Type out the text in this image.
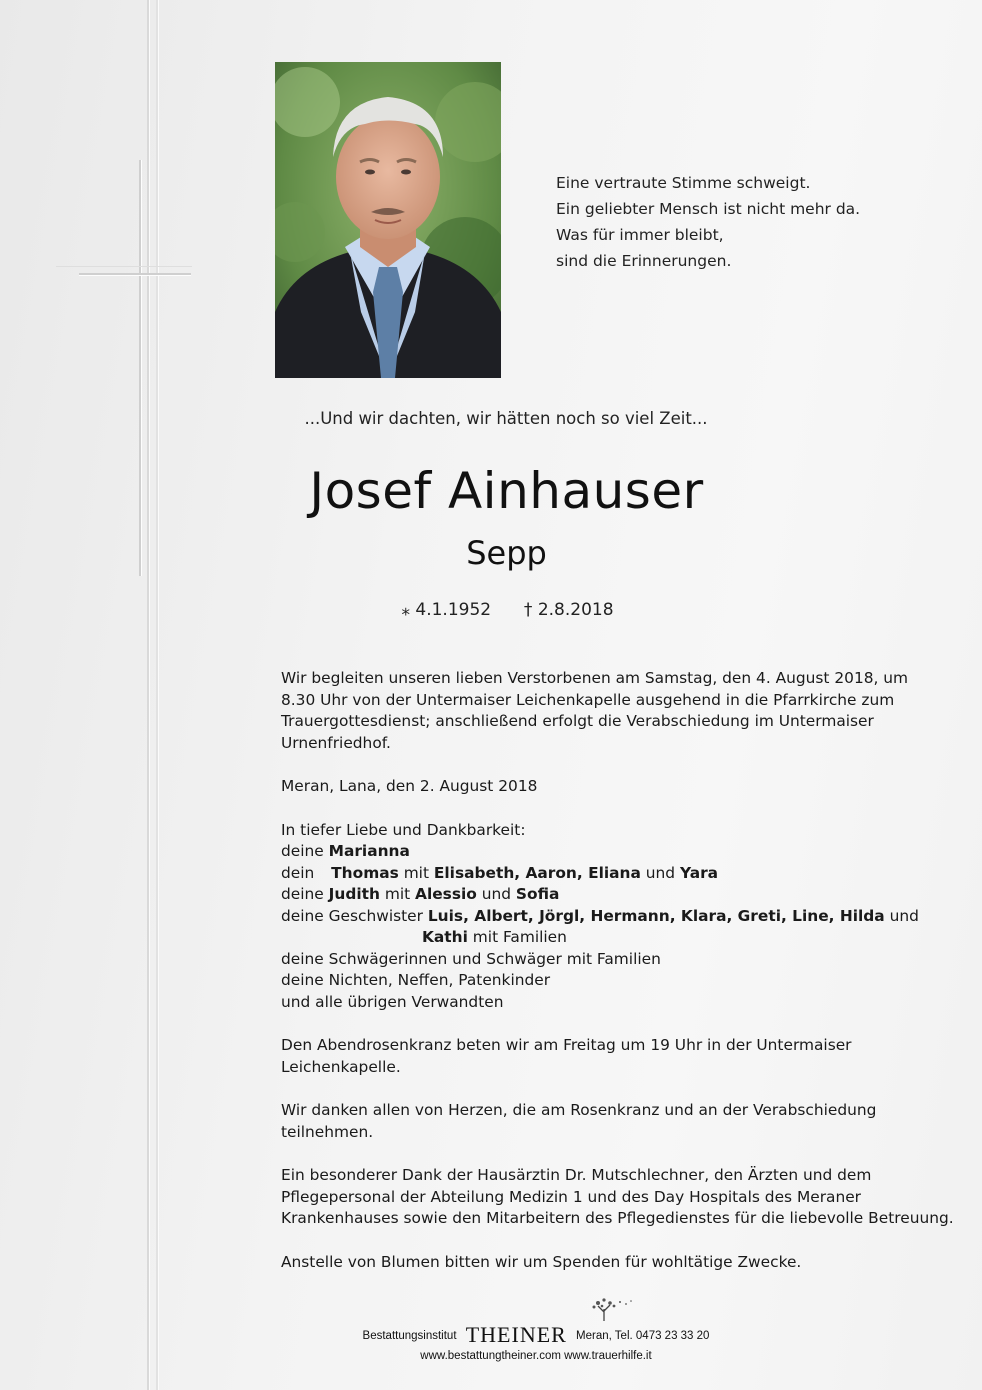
Eine vertraute Stimme schweigt.
Ein geliebter Mensch ist nicht mehr da.
Was für immer bleibt,
sind die Erinnerungen.
...Und wir dachten, wir hätten noch so viel Zeit...
Josef Ainhauser
Sepp
⁎ 4.1.1952 † 2.8.2018

Wir begleiten unseren lieben Verstorbenen am Samstag, den 4. August 2018, um
8.30 Uhr von der Untermaiser Leichenkapelle ausgehend in die Pfarrkirche zum
Trauergottesdienst; anschließend erfolgt die Verabschiedung im Untermaiser
Urnenfriedhof.

Meran, Lana, den 2. August 2018

In tiefer Liebe und Dankbarkeit:
deine Marianna
dein Thomas mit Elisabeth, Aaron, Eliana und Yara
deine Judith mit Alessio und Sofia
deine Geschwister Luis, Albert, Jörgl, Hermann, Klara, Greti, Line, Hilda und
Kathi mit Familien
deine Schwägerinnen und Schwäger mit Familien
deine Nichten, Neffen, Patenkinder
und alle übrigen Verwandten

Den Abendrosenkranz beten wir am Freitag um 19 Uhr in der Untermaiser
Leichenkapelle.

Wir danken allen von Herzen, die am Rosenkranz und an der Verabschiedung
teilnehmen.

Ein besonderer Dank der Hausärztin Dr. Mutschlechner, den Ärzten und dem
Pflegepersonal der Abteilung Medizin 1 und des Day Hospitals des Meraner
Krankenhauses sowie den Mitarbeitern des Pflegedienstes für die liebevolle Betreuung.

Anstelle von Blumen bitten wir um Spenden für wohltätige Zwecke.

Bestattungsinstitut THEINER Meran, Tel. 0473 23 33 20
www.bestattungtheiner.com www.trauerhilfe.it
